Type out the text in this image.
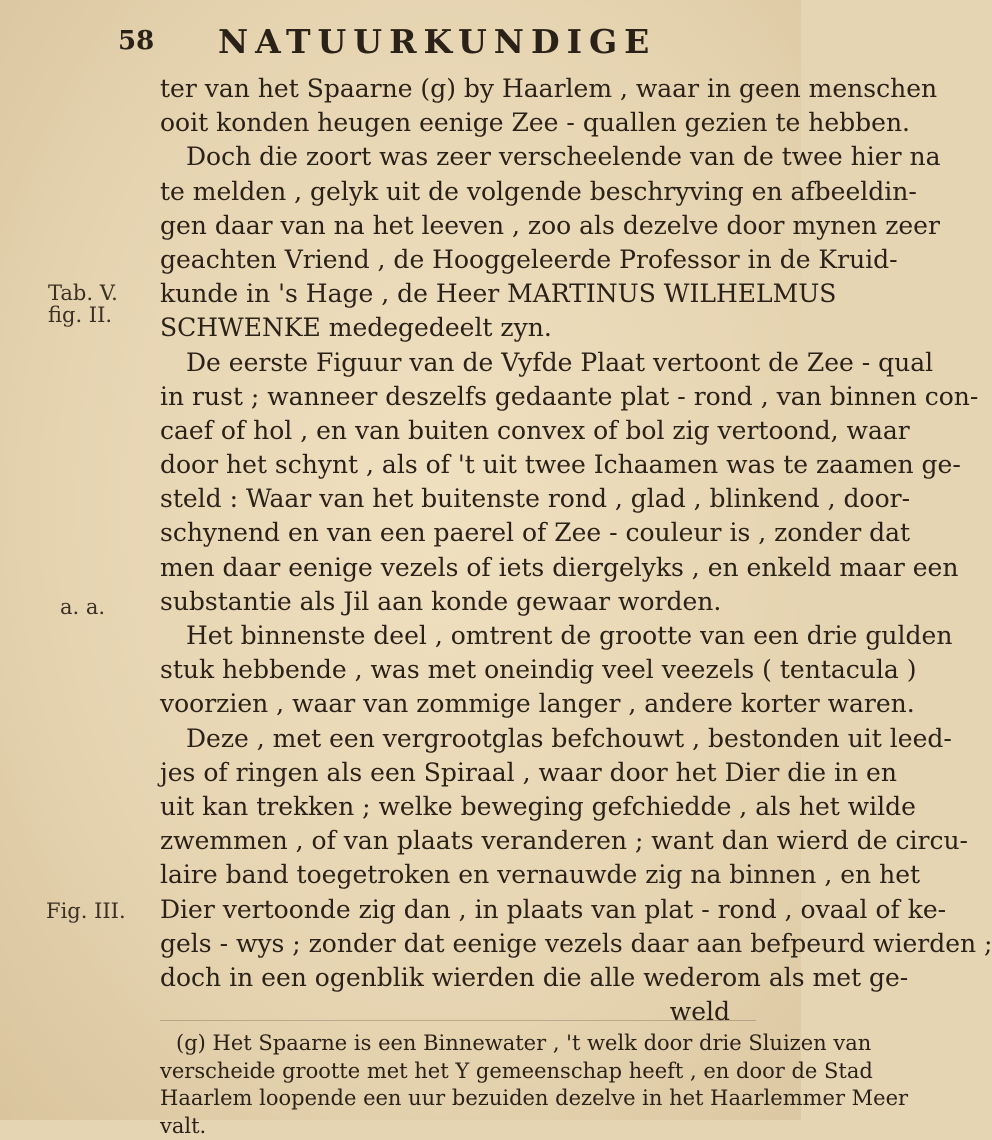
58 NATUURKUNDIGE
Tab. V.
fig. II.
a. a.
Fig. III.
ter van het Spaarne (g) by Haarlem , waar in geen menschen
ooit konden heugen eenige Zee - quallen gezien te hebben.
Doch die zoort was zeer verscheelende van de twee hier na
te melden , gelyk uit de volgende beschryving en afbeeldin-
gen daar van na het leeven , zoo als dezelve door mynen zeer
geachten Vriend , de Hooggeleerde Professor in de Kruid-
kunde in 's Hage , de Heer MARTINUS WILHELMUS
SCHWENKE medegedeelt zyn.
De eerste Figuur van de Vyfde Plaat vertoont de Zee - qual
in rust ; wanneer deszelfs gedaante plat - rond , van binnen con-
caef of hol , en van buiten convex of bol zig vertoond, waar
door het schynt , als of 't uit twee Ichaamen was te zaamen ge-
steld : Waar van het buitenste rond , glad , blinkend , door-
schynend en van een paerel of Zee - couleur is , zonder dat
men daar eenige vezels of iets diergelyks , en enkeld maar een
substantie als Jil aan konde gewaar worden.
Het binnenste deel , omtrent de grootte van een drie gulden
stuk hebbende , was met oneindig veel veezels ( tentacula )
voorzien , waar van zommige langer , andere korter waren.
Deze , met een vergrootglas befchouwt , bestonden uit leed-
jes of ringen als een Spiraal , waar door het Dier die in en
uit kan trekken ; welke beweging gefchiedde , als het wilde
zwemmen , of van plaats veranderen ; want dan wierd de circu-
laire band toegetroken en vernauwde zig na binnen , en het
Dier vertoonde zig dan , in plaats van plat - rond , ovaal of ke-
gels - wys ; zonder dat eenige vezels daar aan befpeurd wierden ;
doch in een ogenblik wierden die alle wederom als met ge-
weld
(g) Het Spaarne is een Binnewater , 't welk door drie Sluizen van
verscheide grootte met het Y gemeenschap heeft , en door de Stad
Haarlem loopende een uur bezuiden dezelve in het Haarlemmer Meer
valt.
